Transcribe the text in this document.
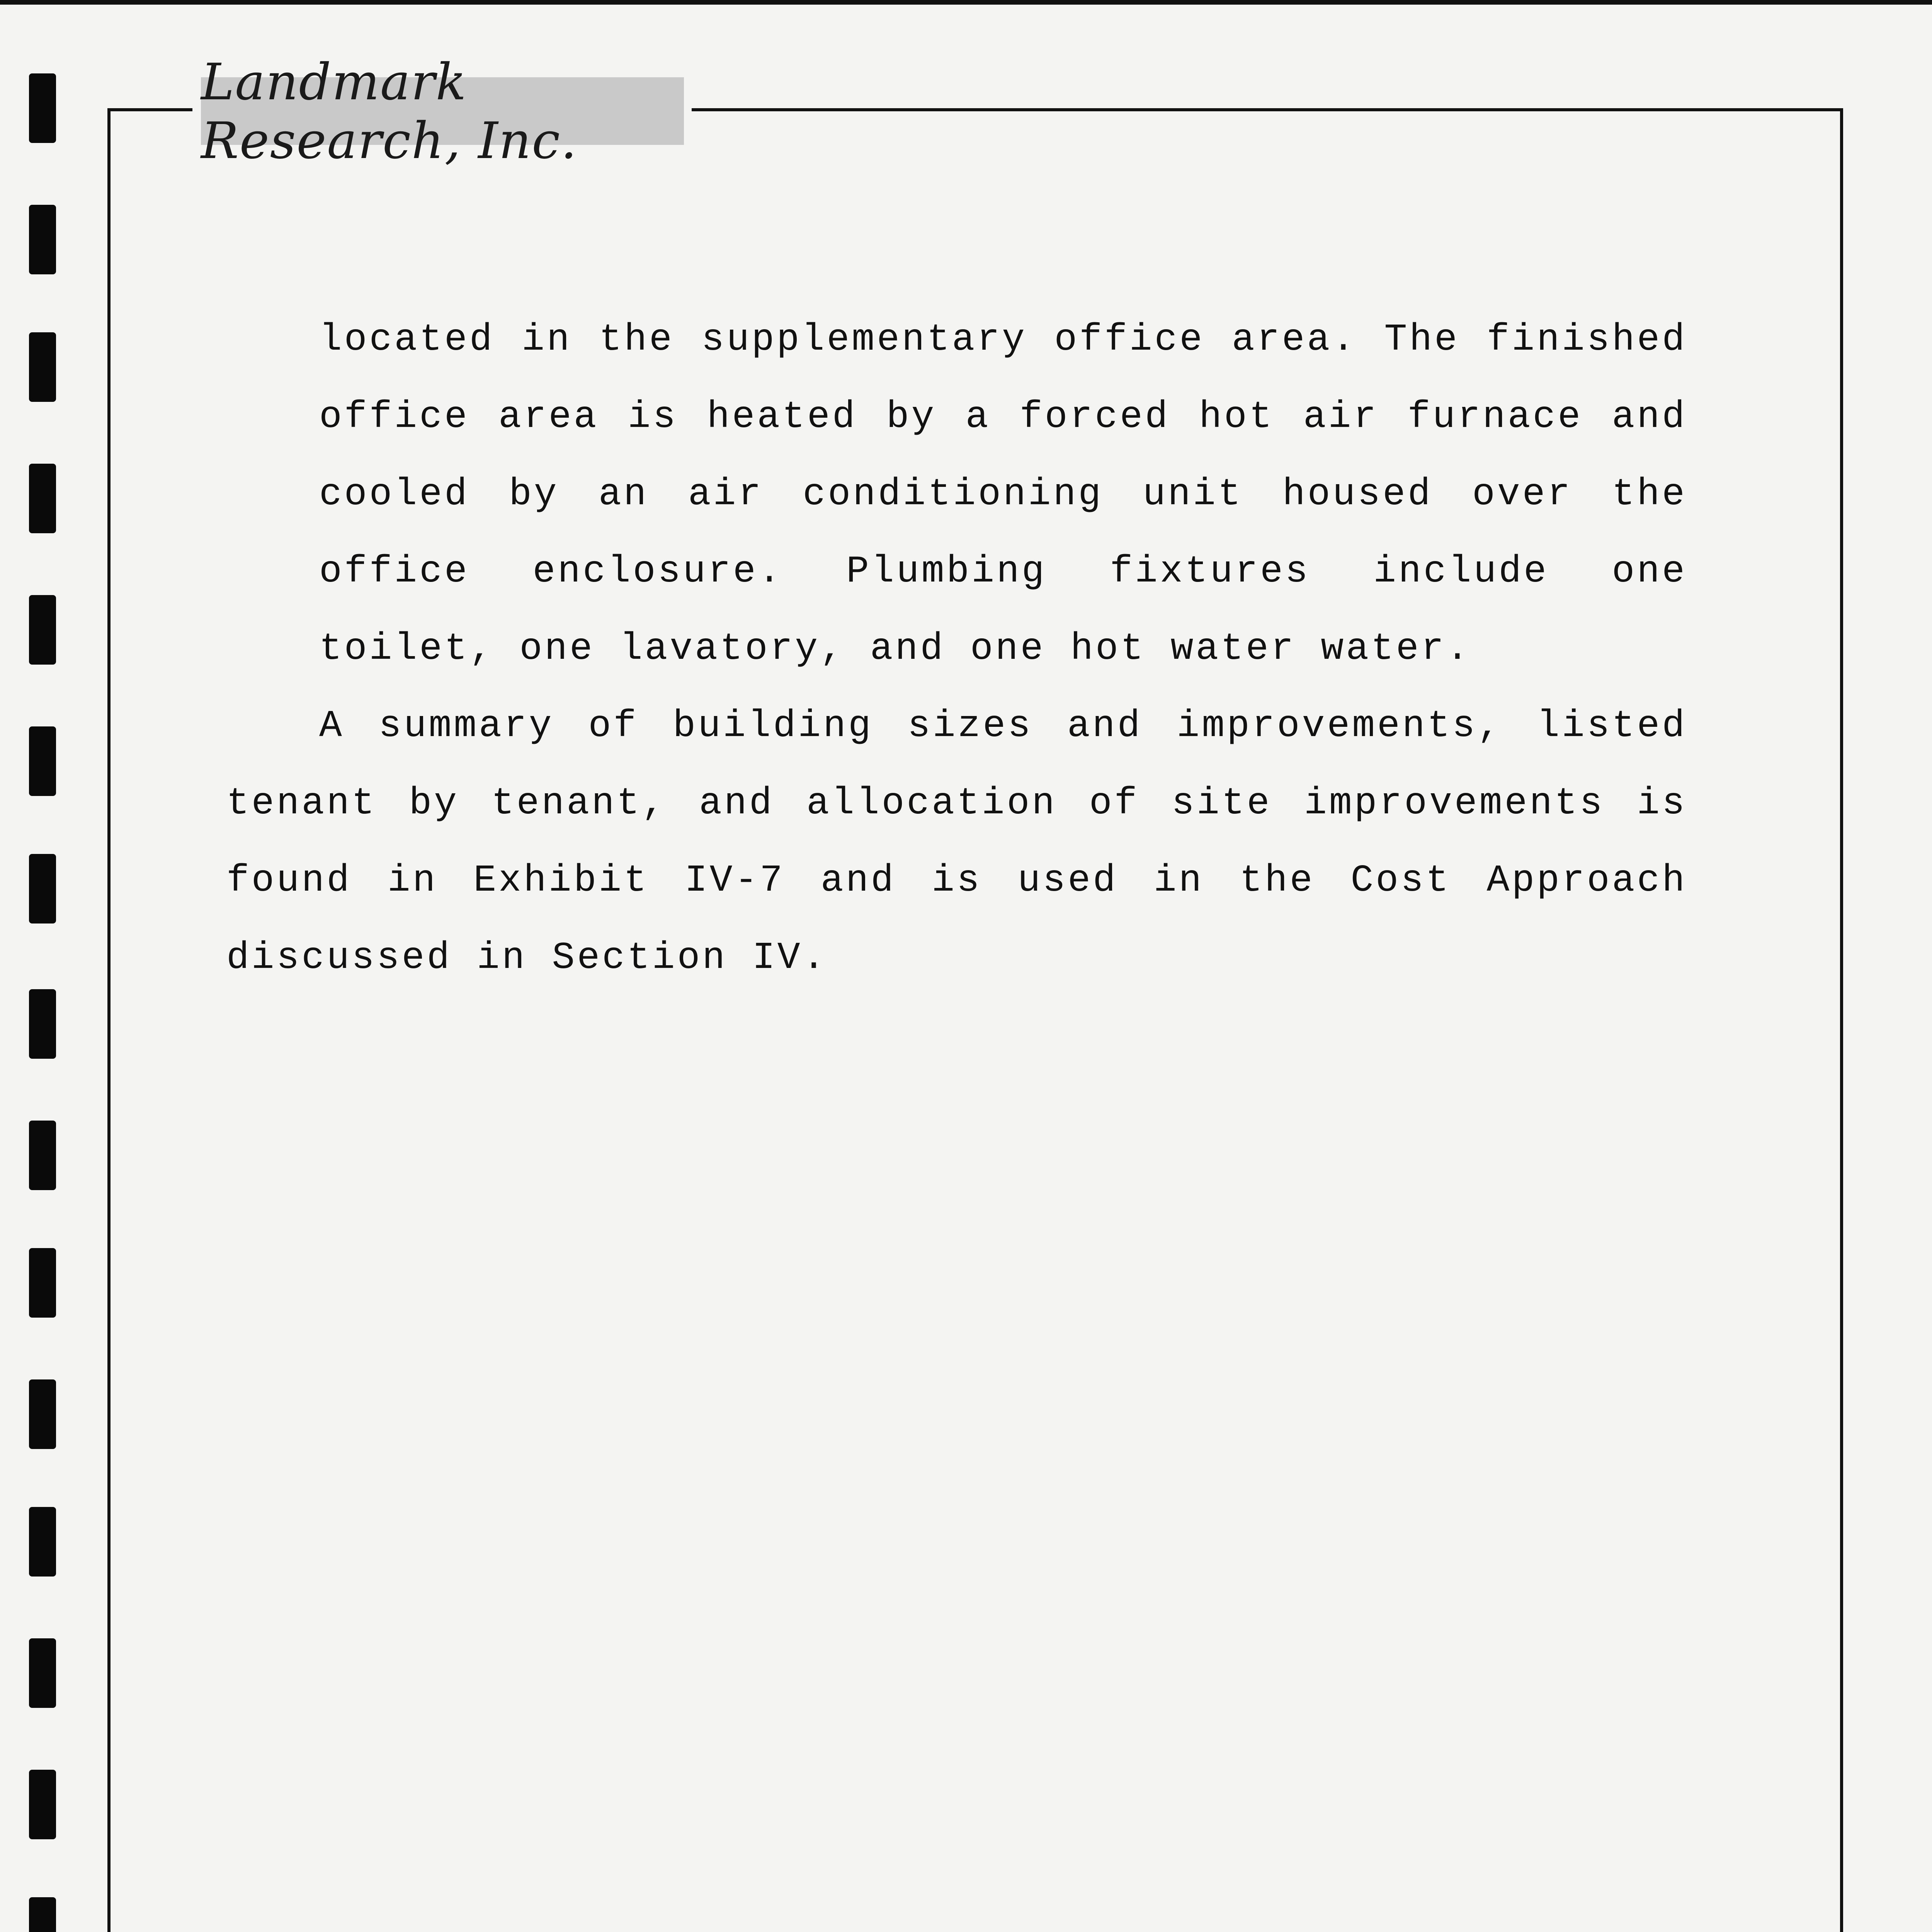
Landmark Research, Inc.

located in the supplementary office area. The finished office area is heated by a forced hot air furnace and cooled by an air conditioning unit housed over the office enclosure. Plumbing fixtures include one toilet, one lavatory, and one hot water water.

A summary of building sizes and improvements, listed tenant by tenant, and allocation of site improvements is found in Exhibit IV-7 and is used in the Cost Approach discussed in Section IV.
